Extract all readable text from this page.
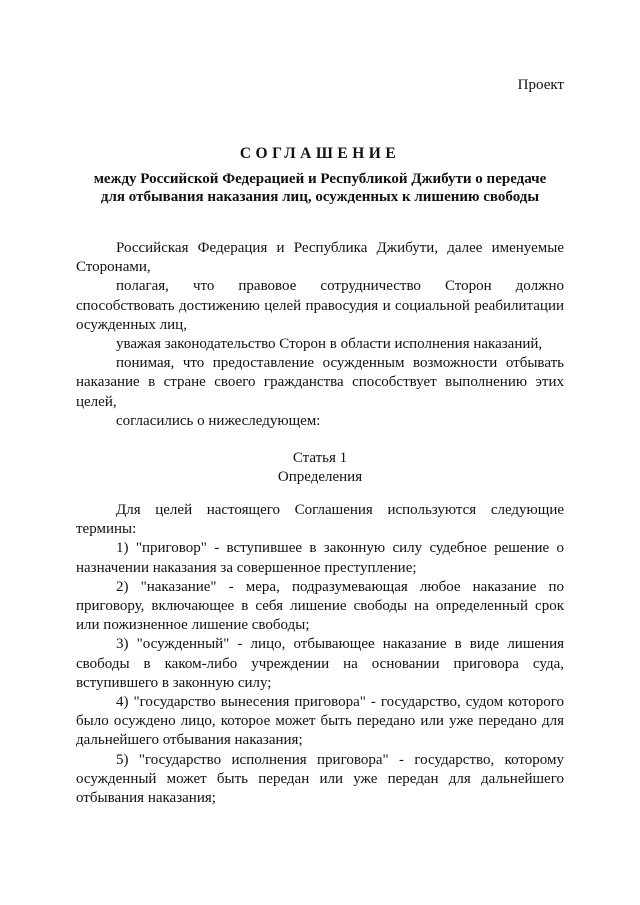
Проект
СОГЛАШЕНИЕ
между Российской Федерацией и Республикой Джибути о передаче
для отбывания наказания лиц, осужденных к лишению свободы

Российская Федерация и Республика Джибути, далее именуемые Сторонами,

полагая, что правовое сотрудничество Сторон должно способствовать достижению целей правосудия и социальной реабилитации осужденных лиц,

уважая законодательство Сторон в области исполнения наказаний,

понимая, что предоставление осужденным возможности отбывать наказание в стране своего гражданства способствует выполнению этих целей,

согласились о нижеследующем:

Статья 1
Определения

Для целей настоящего Соглашения используются следующие термины:

1) "приговор" - вступившее в законную силу судебное решение о назначении наказания за совершенное преступление;

2) "наказание" - мера, подразумевающая любое наказание по приговору, включающее в себя лишение свободы на определенный срок или пожизненное лишение свободы;

3) "осужденный" - лицо, отбывающее наказание в виде лишения свободы в каком-либо учреждении на основании приговора суда, вступившего в законную силу;

4) "государство вынесения приговора" - государство, судом которого было осуждено лицо, которое может быть передано или уже передано для дальнейшего отбывания наказания;

5) "государство исполнения приговора" - государство, которому осужденный может быть передан или уже передан для дальнейшего отбывания наказания;
